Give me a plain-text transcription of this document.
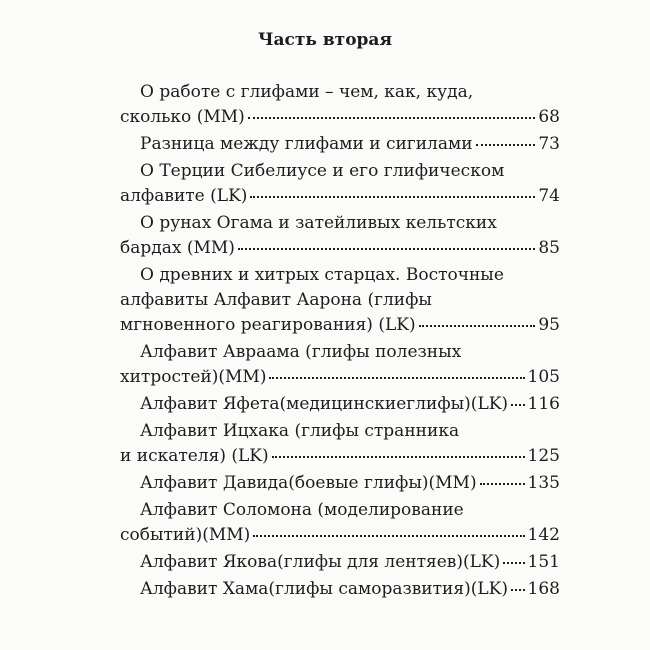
Часть вторая
О работе с глифами – чем, как, куда,
сколько (ММ)	68
Разница между глифами и сигилами	73
О Терции Сибелиусе и его глифическом
алфавите (LK)	74
О рунах Огама и затейливых кельтских
бардах (ММ)	85
О древних и хитрых старцах. Восточные
алфавиты Алфавит Аарона (глифы
мгновенного реагирования) (LK)	95
Алфавит Авраама (глифы полезных
хитростей)(ММ)	105
Алфавит Яфета(медицинскиеглифы)(LK) 116
Алфавит Ицхака (глифы странника
и искателя) (LK)	125
Алфавит Давида(боевые глифы)(ММ)	135
Алфавит Соломона (моделирование
событий)(ММ)	142
Алфавит Якова(глифы для лентяев)(LK) 151
Алфавит Хама(глифы саморазвития)(LK) 168
